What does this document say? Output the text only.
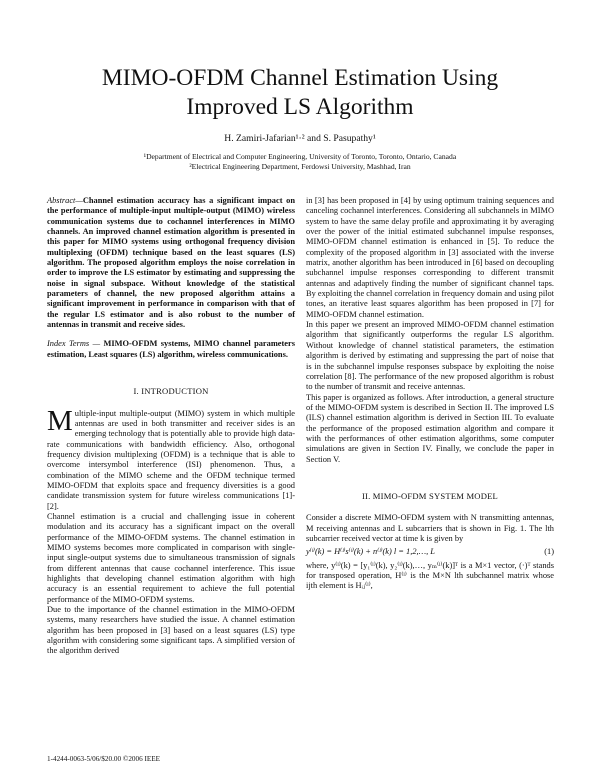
MIMO-OFDM Channel Estimation Using
Improved LS Algorithm
H. Zamiri-Jafarian¹·² and S. Pasupathy¹
¹Department of Electrical and Computer Engineering, University of Toronto, Toronto, Ontario, Canada
²Electrical Engineering Department, Ferdowsi University, Mashhad, Iran

Abstract—Channel estimation accuracy has a significant impact on the performance of multiple-input multiple-output (MIMO) wireless communication systems due to cochannel interferences in MIMO channels. An improved channel estimation algorithm is presented in this paper for MIMO systems using orthogonal frequency division multiplexing (OFDM) technique based on the least squares (LS) algorithm. The proposed algorithm employs the noise correlation in order to improve the LS estimator by estimating and suppressing the noise in signal subspace. Without knowledge of the statistical parameters of channel, the new proposed algorithm attains a significant improvement in performance in comparison with that of the regular LS estimator and is also robust to the number of antennas in transmit and receive sides.

Index Terms — MIMO-OFDM systems, MIMO channel parameters estimation, Least squares (LS) algorithm, wireless communications.

I. INTRODUCTION

Multiple-input multiple-output (MIMO) system in which multiple antennas are used in both transmitter and receiver sides is an emerging technology that is potentially able to provide high data-rate communications with bandwidth efficiency. Also, orthogonal frequency division multiplexing (OFDM) is a technique that is able to overcome intersymbol interference (ISI) phenomenon. Thus, a combination of the MIMO scheme and the OFDM technique termed MIMO-OFDM that exploits space and frequency diversities is a good candidate transmission system for future wireless communications [1]-[2].

Channel estimation is a crucial and challenging issue in coherent modulation and its accuracy has a significant impact on the overall performance of the MIMO-OFDM systems. The channel estimation in MIMO systems becomes more complicated in comparison with single-input single-output systems due to simultaneous transmission of signals from different antennas that cause cochannel interference. This issue highlights that developing channel estimation algorithm with high accuracy is an essential requirement to achieve the full potential performance of the MIMO-OFDM systems.

Due to the importance of the channel estimation in the MIMO-OFDM systems, many researchers have studied the issue. A channel estimation algorithm has been proposed in [3] based on a least squares (LS) type algorithm with considering some significant taps. A simplified version of the algorithm derived

in [3] has been proposed in [4] by using optimum training sequences and canceling cochannel interferences. Considering all subchannels in MIMO system to have the same delay profile and approximating it by averaging over the power of the initial estimated subchannel impulse responses, MIMO-OFDM channel estimation is enhanced in [5]. To reduce the complexity of the proposed algorithm in [3] associated with the inverse matrix, another algorithm has been introduced in [6] based on decoupling subchannel impulse responses corresponding to different transmit antennas and adaptively finding the number of significant channel taps. By exploiting the channel correlation in frequency domain and using pilot tones, an iterative least squares algorithm has been proposed in [7] for MIMO-OFDM channel estimation.

In this paper we present an improved MIMO-OFDM channel estimation algorithm that significantly outperforms the regular LS algorithm. Without knowledge of channel statistical parameters, the estimation algorithm is derived by estimating and suppressing the part of noise that is in the subchannel impulse responses subspace by exploiting the noise correlation [8]. The performance of the new proposed algorithm is robust to the number of transmit and receive antennas.

This paper is organized as follows. After introduction, a general structure of the MIMO-OFDM system is described in Section II. The improved LS (ILS) channel estimation algorithm is derived in Section III. To evaluate the performance of the proposed estimation algorithm and compare it with the performances of other estimation algorithms, some computer simulations are given in Section IV. Finally, we conclude the paper in Section V.

II. MIMO-OFDM SYSTEM MODEL

Consider a discrete MIMO-OFDM system with N transmitting antennas, M receiving antennas and L subcarriers that is shown in Fig. 1. The lth subcarrier received vector at time k is given by

y⁽ˡ⁾(k) = H⁽ˡ⁾s⁽ˡ⁾(k) + n⁽ˡ⁾(k) l = 1,2,…, L	(1)

where, y⁽ˡ⁾(k) = [y₁⁽ˡ⁾(k), y₂⁽ˡ⁾(k),…, yₘ⁽ˡ⁾(k)]ᵀ is a M×1 vector, (·)ᵀ stands for transposed operation, H⁽ˡ⁾ is the M×N lth subchannel matrix whose ijth element is Hᵢⱼ⁽ˡ⁾,

1-4244-0063-5/06/$20.00 ©2006 IEEE
